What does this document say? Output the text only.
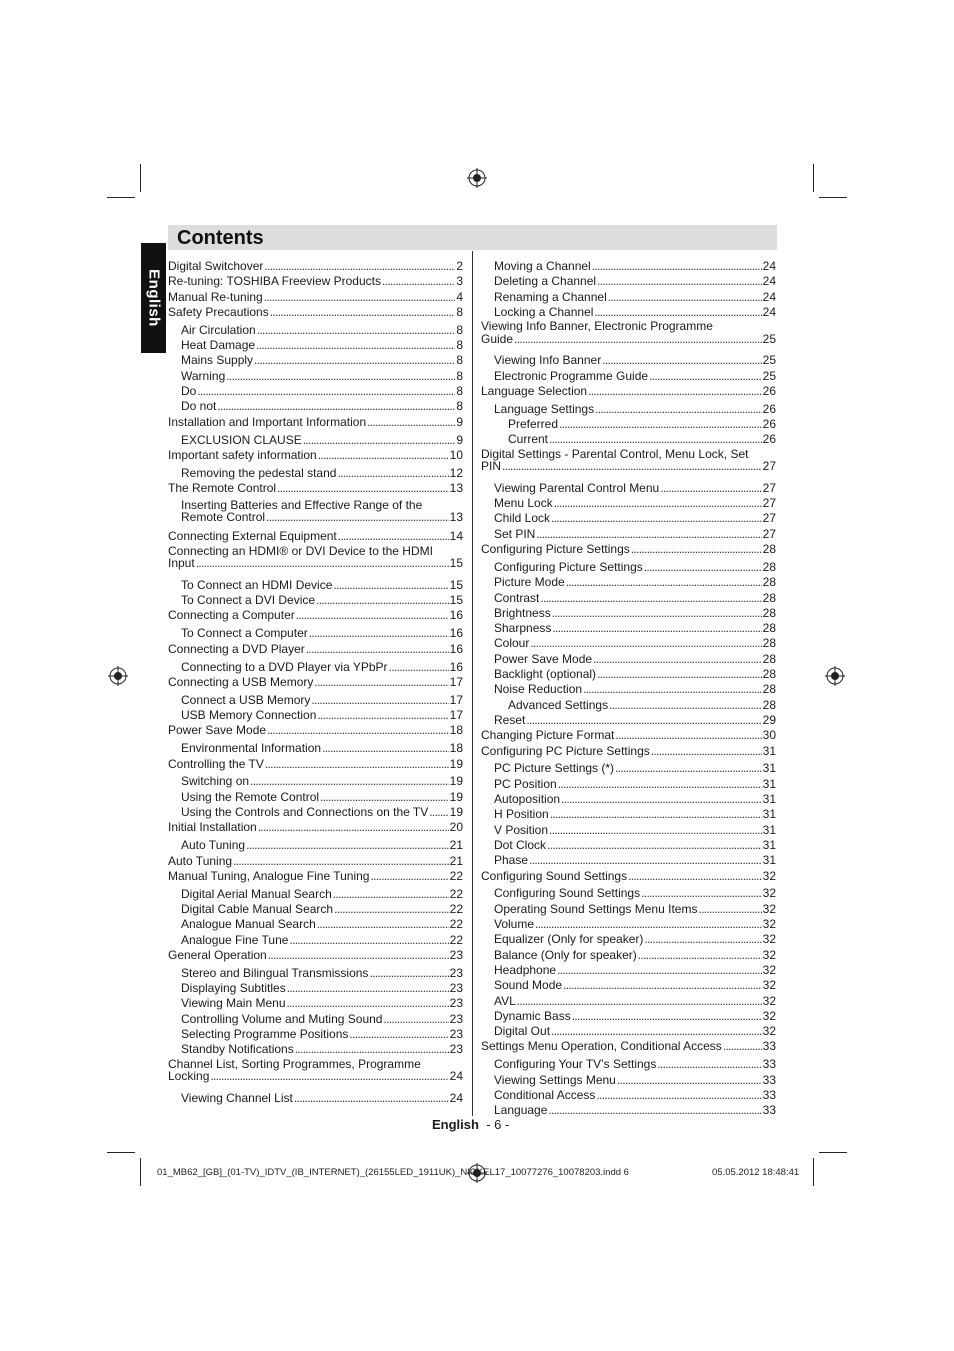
Contents
English
Digital Switchover . . .	2
Re-tuning: TOSHIBA Freeview Products . . .	3
Manual Re-tuning . . .	4
Safety Precautions . . .	8
Air Circulation . . .	8
Heat Damage . . .	8
Mains Supply . . .	8
Warning . . .	8
Do . . .	8
Do not . . .	8
Installation and Important Information . . .	9
EXCLUSION CLAUSE . . .	9
Important safety information . . .	10
Removing the pedestal stand . . .	12
The Remote Control . . .	13
Inserting Batteries and Effective Range of the
Remote Control . . .	13
Connecting External Equipment . . .	14
Connecting an HDMI® or DVI Device to the HDMI
Input . . .	15
To Connect an HDMI Device . . .	15
To Connect a DVI Device . . .	15
Connecting a Computer . . .	16
To Connect a Computer . . .	16
Connecting a DVD Player . . .	16
Connecting to a DVD Player via YPbPr . . .	16
Connecting a USB Memory . . .	17
Connect a USB Memory . . .	17
USB Memory Connection . . .	17
Power Save Mode . . .	18
Environmental Information . . .	18
Controlling the TV . . .	19
Switching on . . .	19
Using the Remote Control . . .	19
Using the Controls and Connections on the TV . . . 19
Initial Installation . . .	20
Auto Tuning . . .	21
Auto Tuning . . .	21
Manual Tuning, Analogue Fine Tuning . . .	22
Digital Aerial Manual Search . . .	22
Digital Cable Manual Search . . .	22
Analogue Manual Search . . .	22
Analogue Fine Tune . . .	22
General Operation . . .	23
Stereo and Bilingual Transmissions . . .	23
Displaying Subtitles . . .	23
Viewing Main Menu . . .	23
Controlling Volume and Muting Sound . . .	23
Selecting Programme Positions . . .	23
Standby Notifications . . .	23
Channel List, Sorting Programmes, Programme
Locking . . .	24
Viewing Channel List . . .	24
Moving a Channel . . .	24
Deleting a Channel . . .	24
Renaming a Channel . . .	24
Locking a Channel . . .	24
Viewing Info Banner, Electronic Programme
Guide . . .	25
Viewing Info Banner . . .	25
Electronic Programme Guide . . .	25
Language Selection . . .	26
Language Settings . . .	26
Preferred . . .	26
Current . . .	26
Digital Settings - Parental Control, Menu Lock, Set
PIN . . .	27
Viewing Parental Control Menu . . .	27
Menu Lock . . .	27
Child Lock . . .	27
Set PIN . . .	27
Configuring Picture Settings . . .	28
Configuring Picture Settings . . .	28
Picture Mode . . .	28
Contrast . . .	28
Brightness . . .	28
Sharpness . . .	28
Colour . . .	28
Power Save Mode . . .	28
Backlight (optional) . . .	28
Noise Reduction . . .	28
Advanced Settings . . .	28
Reset . . .	29
Changing Picture Format . . .	30
Configuring PC Picture Settings . . .	31
PC Picture Settings (*) . . .	31
PC Position . . .	31
Autoposition . . .	31
H Position . . .	31
V Position . . .	31
Dot Clock . . .	31
Phase . . .	31
Configuring Sound Settings . . .	32
Configuring Sound Settings . . .	32
Operating Sound Settings Menu Items . . .	32
Volume . . .	32
Equalizer (Only for speaker) . . .	32
Balance (Only for speaker) . . .	32
Headphone . . .	32
Sound Mode . . .	32
AVL . . .	32
Dynamic Bass . . .	32
Digital Out . . .	32
Settings Menu Operation, Conditional Access . . .	33
Configuring Your TV’s Settings . . .	33
Viewing Settings Menu . . .	33
Conditional Access . . .	33
Language . . .	33
English - 6 -
01_MB62_[GB]_(01-TV)_IDTV_(IB_INTERNET)_(26155LED_1911UK)_NICKEL17_10077276_10078203.indd 6	05.05.2012 18:48:41
